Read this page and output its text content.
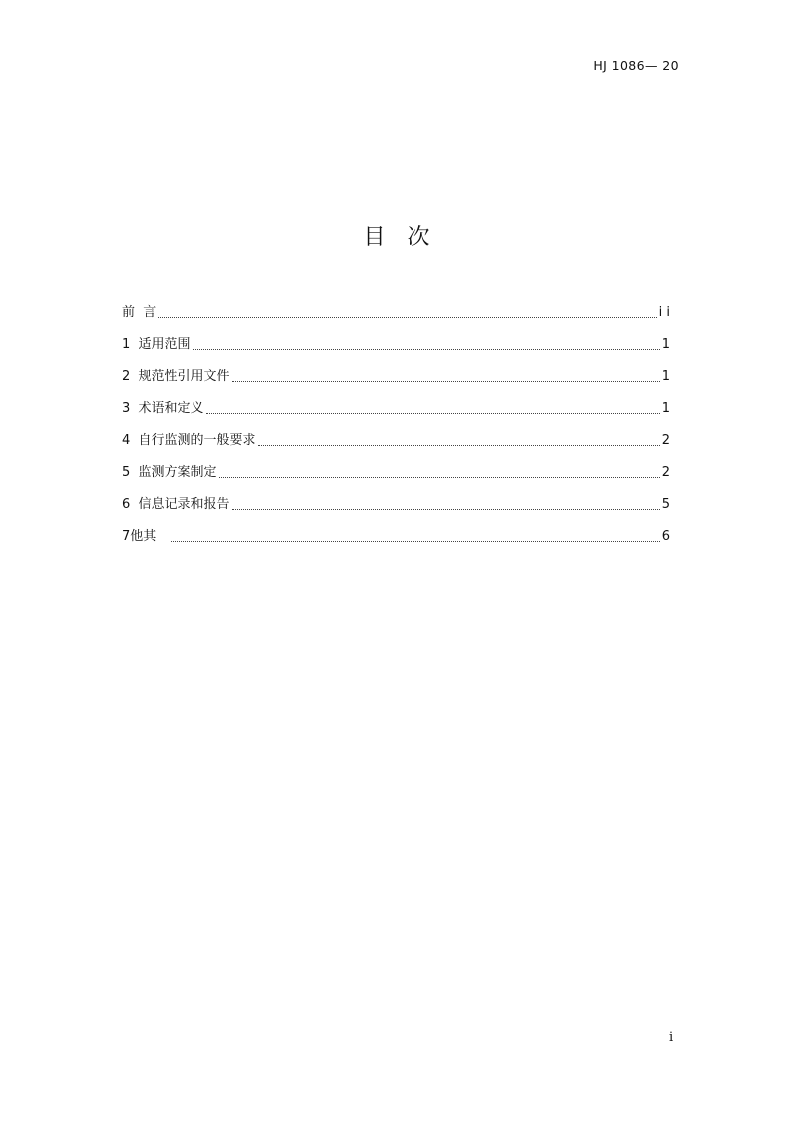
HJ 1086— 20
目次
前  言	i i
1  适用范围	1
2  规范性引用文件	1
3  术语和定义	1
4  自行监测的一般要求	2
5  监测方案制定	2
6  信息记录和报告	5
7他其	6
i
